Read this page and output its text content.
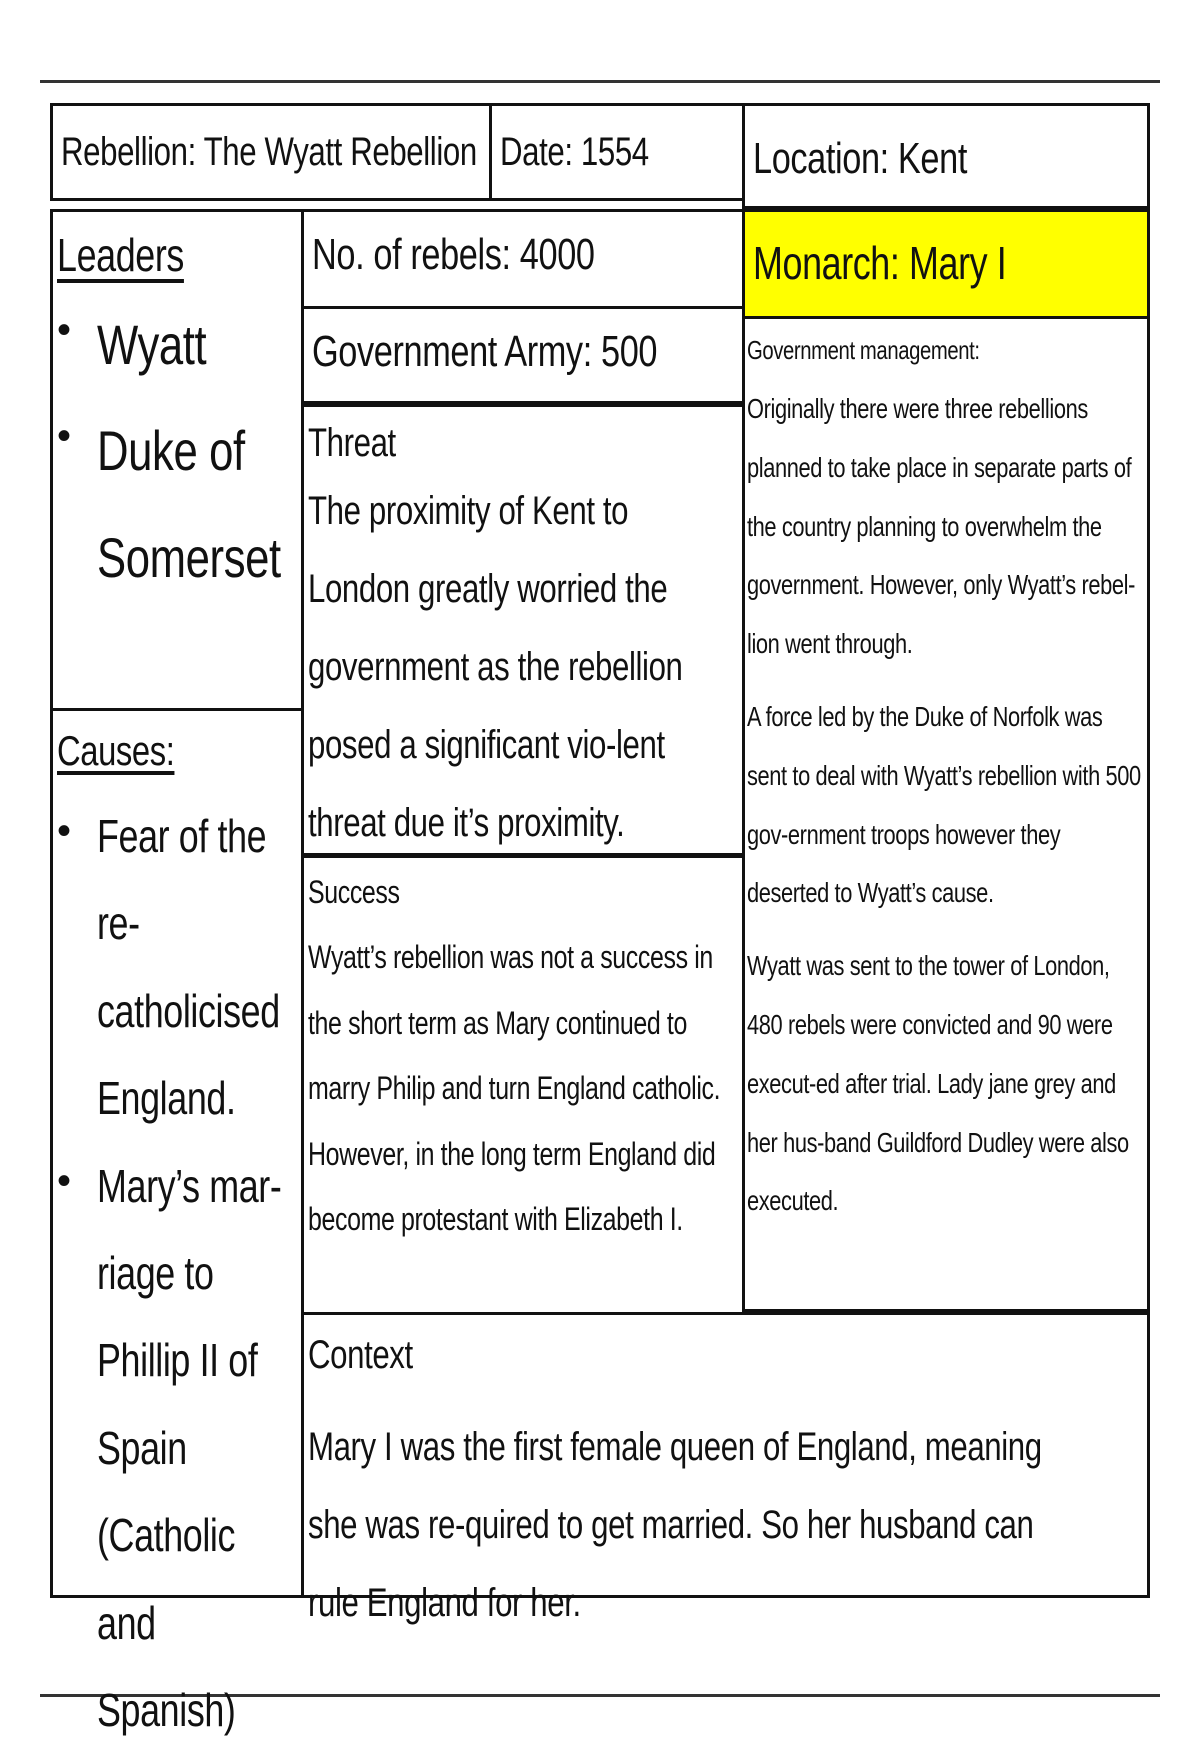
Rebellion: The Wyatt Rebellion Date: 1554	Location: Kent
Leaders
• Wyatt
• Duke of Somerset
Causes:
• Fear of the re-catholicised England.
• Mary’s mar-riage to Phillip II of Spain (Catholic and Spanish)
No. of rebels: 4000
Government Army: 500
Threat
The proximity of Kent to London greatly worried the government as the rebellion posed a significant vio-lent threat due it’s proximity.
Success
Wyatt’s rebellion was not a success in the short term as Mary continued to marry Philip and turn England catholic. However, in the long term England did become protestant with Elizabeth I.
Monarch: Mary I
Government management:
Originally there were three rebellions planned to take place in separate parts of the country planning to overwhelm the government. However, only Wyatt’s rebel-lion went through.
A force led by the Duke of Norfolk was sent to deal with Wyatt’s rebellion with 500 gov-ernment troops however they deserted to Wyatt’s cause.
Wyatt was sent to the tower of London, 480 rebels were convicted and 90 were execut-ed after trial. Lady jane grey and her hus-band Guildford Dudley were also executed.
Context
Mary I was the first female queen of England, meaning she was re-quired to get married. So her husband can rule England for her.
